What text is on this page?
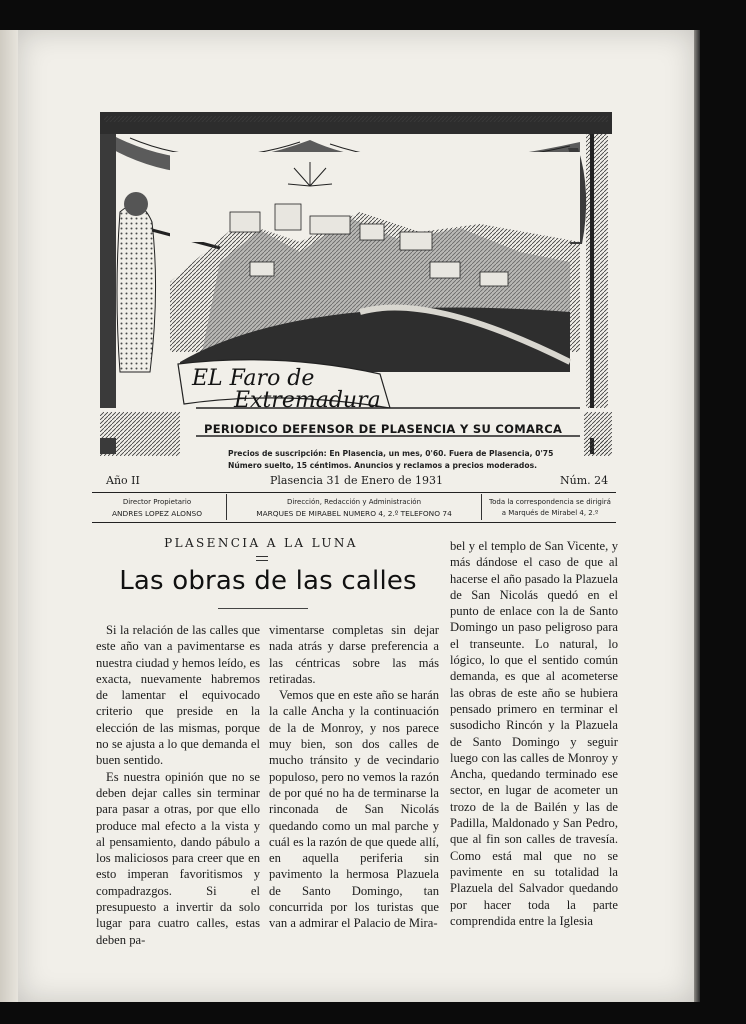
EL Faro de
Extremadura
PERIODICO DEFENSOR DE PLASENCIA Y SU COMARCA
Precios de suscripción: En Plasencia, un mes, 0'60. Fuera de Plasencia, 0'75
Número suelto, 15 céntimos. Anuncios y reclamos a precios moderados.
Año II	Plasencia 31 de Enero de 1931	Núm. 24
Director Propietario
ANDRES LOPEZ ALONSO
Dirección, Redacción y Administración
MARQUES DE MIRABEL NUMERO 4, 2.º TELEFONO 74
Toda la correspondencia se dirigirá
a Marqués de Mirabel 4, 2.º
PLASENCIA A LA LUNA
Las obras de las calles

Si la relación de las calles que este año van a pavimentarse es nuestra ciudad y hemos leído, es exacta, nuevamente habremos de lamentar el equivocado criterio que preside en la elección de las mismas, porque no se ajusta a lo que demanda el buen sentido.

Es nuestra opinión que no se deben dejar calles sin terminar para pasar a otras, por que ello produce mal efecto a la vista y al pensamiento, dando pábulo a los maliciosos para creer que en esto imperan favoritismos y compadrazgos. Si el presupuesto a invertir da solo lugar para cuatro calles, estas deben pa-

vimentarse completas sin dejar nada atrás y darse preferencia a las céntricas sobre las más retiradas.

Vemos que en este año se harán la calle Ancha y la continuación de la de Monroy, y nos parece muy bien, son dos calles de mucho tránsito y de vecindario populoso, pero no vemos la razón de por qué no ha de terminarse la rinconada de San Nicolás quedando como un mal parche y cuál es la razón de que quede allí, en aquella periferia sin pavimento la hermosa Plazuela de Santo Domingo, tan concurrida por los turistas que van a admirar el Palacio de Mira-

bel y el templo de San Vicente, y más dándose el caso de que al hacerse el año pasado la Plazuela de San Nicolás quedó en el punto de enlace con la de Santo Domingo un paso peligroso para el transeunte. Lo natural, lo lógico, lo que el sentido común demanda, es que al acometerse las obras de este año se hubiera pensado primero en terminar el susodicho Rincón y la Plazuela de Santo Domingo y seguir luego con las calles de Monroy y Ancha, quedando terminado ese sector, en lugar de acometer un trozo de la de Bailén y las de Padilla, Maldonado y San Pedro, que al fin son calles de travesía. Como está mal que no se pavimente en su totalidad la Plazuela del Salvador quedando por hacer toda la parte comprendida entre la Iglesia
